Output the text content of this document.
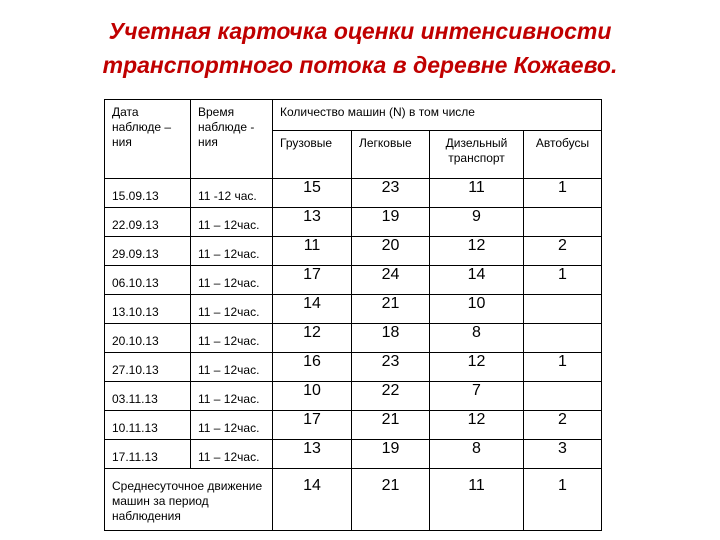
Учетная карточка оценки интенсивности
транспортного потока в деревне Кожаево.
Дата наблюде – ния	Время наблюде - ния	Количество машин (N) в том числе			
		Грузовые	Легковые	Дизельный транспорт	Автобусы
15.09.13	11 -12 час.	15	23	11	1
22.09.13	11 – 12час.	13	19	9	
29.09.13	11 – 12час.	11	20	12	2
06.10.13	11 – 12час.	17	24	14	1
13.10.13	11 – 12час.	14	21	10	
20.10.13	11 – 12час.	12	18	8	
27.10.13	11 – 12час.	16	23	12	1
03.11.13	11 – 12час.	10	22	7	
10.11.13	11 – 12час.	17	21	12	2
17.11.13	11 – 12час.	13	19	8	3
Среднесуточное движение машин за период наблюдения		14	21	11	1
